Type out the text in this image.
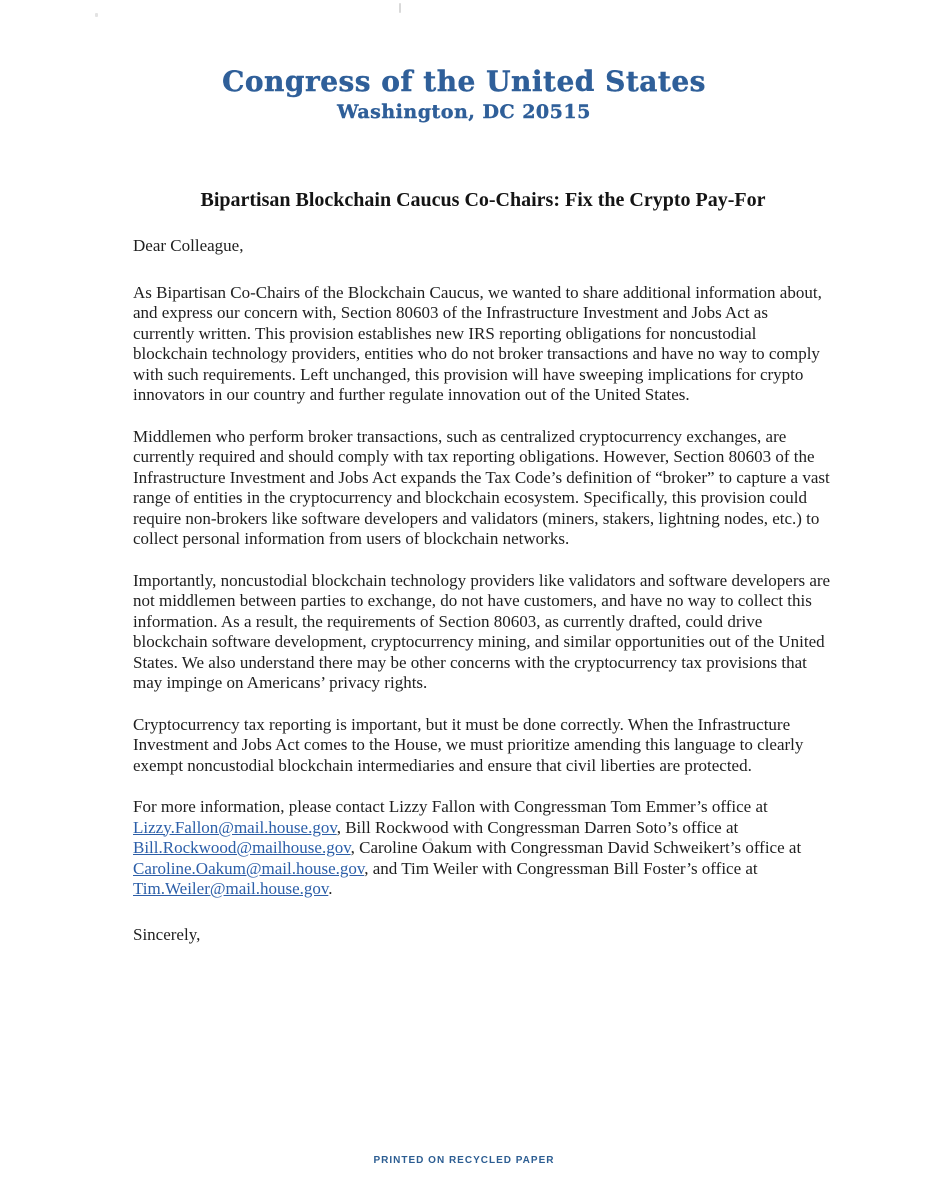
Congress of the United States
Washington, DC 20515
Bipartisan Blockchain Caucus Co-Chairs: Fix the Crypto Pay-For

Dear Colleague,

As Bipartisan Co-Chairs of the Blockchain Caucus, we wanted to share additional information about, and express our concern with, Section 80603 of the Infrastructure Investment and Jobs Act as currently written. This provision establishes new IRS reporting obligations for noncustodial blockchain technology providers, entities who do not broker transactions and have no way to comply with such requirements. Left unchanged, this provision will have sweeping implications for crypto innovators in our country and further regulate innovation out of the United States.

Middlemen who perform broker transactions, such as centralized cryptocurrency exchanges, are currently required and should comply with tax reporting obligations. However, Section 80603 of the Infrastructure Investment and Jobs Act expands the Tax Code’s definition of “broker” to capture a vast range of entities in the cryptocurrency and blockchain ecosystem. Specifically, this provision could require non-brokers like software developers and validators (miners, stakers, lightning nodes, etc.) to collect personal information from users of blockchain networks.

Importantly, noncustodial blockchain technology providers like validators and software developers are not middlemen between parties to exchange, do not have customers, and have no way to collect this information. As a result, the requirements of Section 80603, as currently drafted, could drive blockchain software development, cryptocurrency mining, and similar opportunities out of the United States. We also understand there may be other concerns with the cryptocurrency tax provisions that may impinge on Americans’ privacy rights.

Cryptocurrency tax reporting is important, but it must be done correctly. When the Infrastructure Investment and Jobs Act comes to the House, we must prioritize amending this language to clearly exempt noncustodial blockchain intermediaries and ensure that civil liberties are protected.

For more information, please contact Lizzy Fallon with Congressman Tom Emmer’s office at Lizzy.Fallon@mail.house.gov, Bill Rockwood with Congressman Darren Soto’s office at Bill.Rockwood@mailhouse.gov, Caroline Oakum with Congressman David Schweikert’s office at Caroline.Oakum@mail.house.gov, and Tim Weiler with Congressman Bill Foster’s office at Tim.Weiler@mail.house.gov.

Sincerely,

PRINTED ON RECYCLED PAPER
